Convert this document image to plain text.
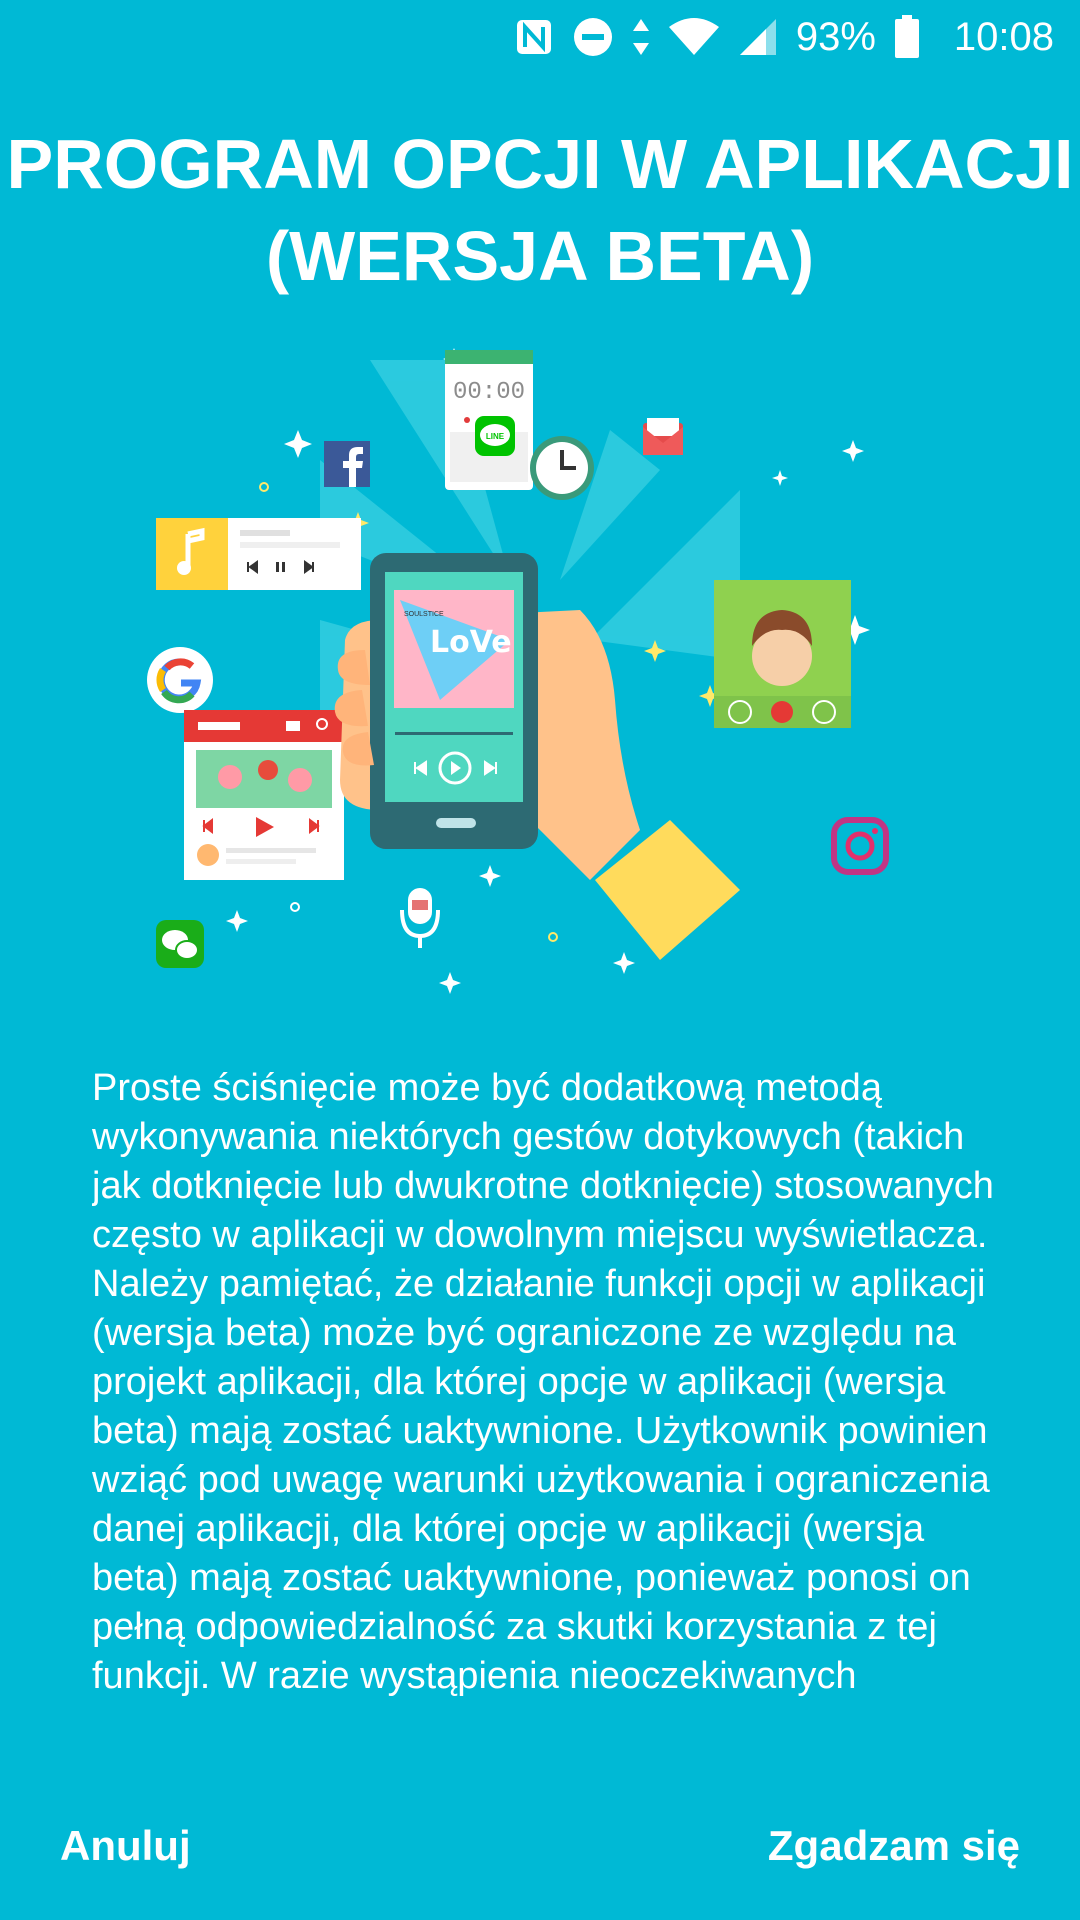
93% 10:08
PROGRAM OPCJI W APLIKACJI
(WERSJA BETA)
00:00
LINE
LoVe
SOULSTICE

Proste ściśnięcie może być dodatkową metodą wykonywania niektórych gestów dotykowych (takich jak dotknięcie lub dwukrotne dotknięcie) stosowanych często w aplikacji w dowolnym miejscu wyświetlacza. Należy pamiętać, że działanie funkcji opcji w aplikacji (wersja beta) może być ograniczone ze względu na projekt aplikacji, dla której opcje w aplikacji (wersja beta) mają zostać uaktywnione. Użytkownik powinien wziąć pod uwagę warunki użytkowania i ograniczenia danej aplikacji, dla której opcje w aplikacji (wersja beta) mają zostać uaktywnione, ponieważ ponosi on pełną odpowiedzialność za skutki korzystania z tej funkcji. W razie wystąpienia nieoczekiwanych

Anuluj	Zgadzam się
